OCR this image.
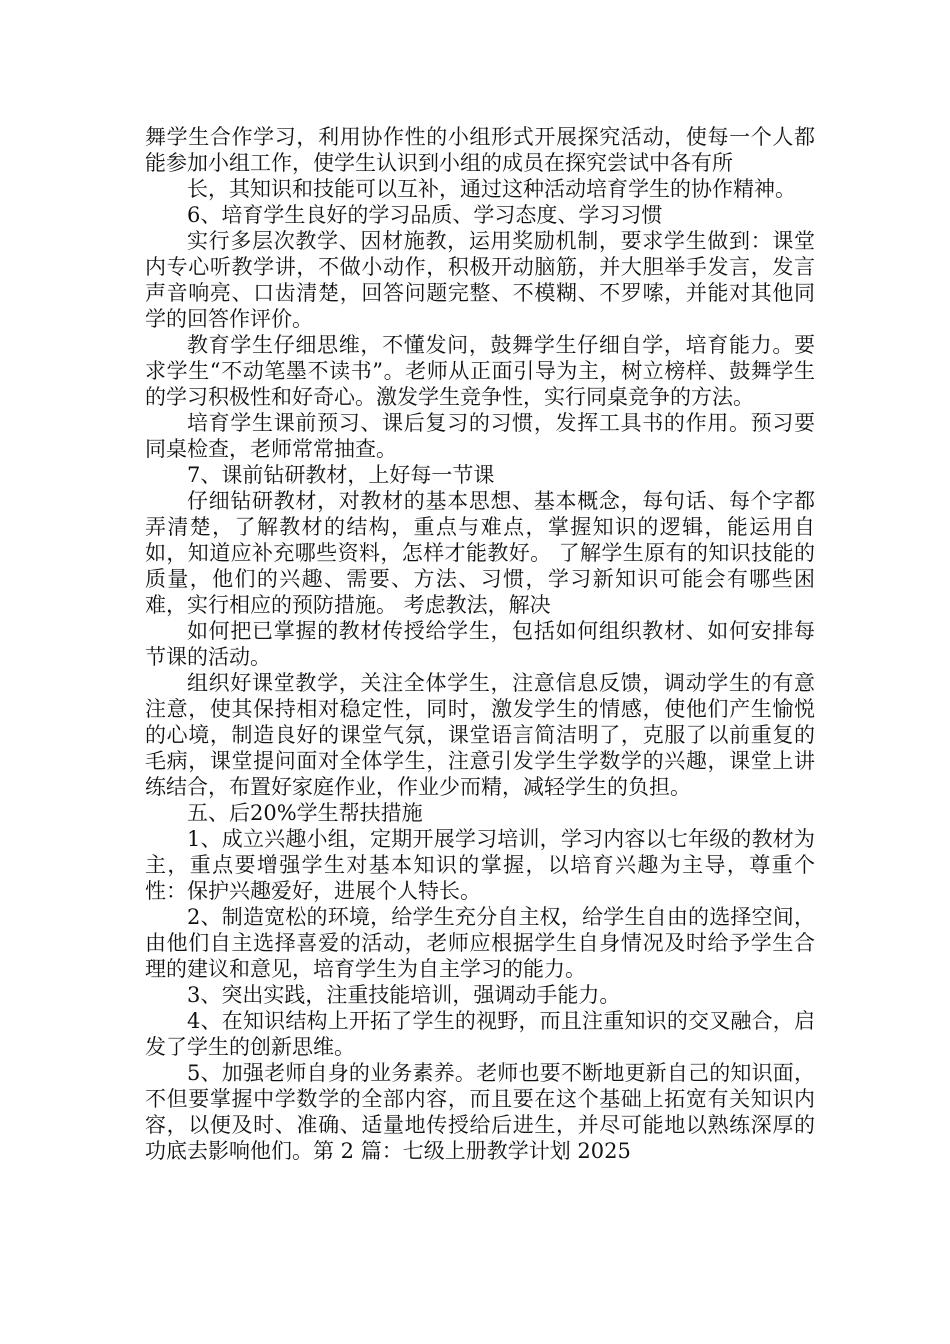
舞学生合作学习，利用协作性的小组形式开展探究活动，使每一个人都能参加小组工作，使学生认识到小组的成员在探究尝试中各有所

长，其知识和技能可以互补，通过这种活动培育学生的协作精神。

6、培育学生良好的学习品质、学习态度、学习习惯

实行多层次教学、因材施教，运用奖励机制，要求学生做到：课堂内专心听教学讲，不做小动作，积极开动脑筋，并大胆举手发言，发言声音响亮、口齿清楚，回答问题完整、不模糊、不罗嗦，并能对其他同学的回答作评价。

教育学生仔细思维，不懂发问，鼓舞学生仔细自学，培育能力。要求学生“不动笔墨不读书”。老师从正面引导为主，树立榜样、鼓舞学生的学习积极性和好奇心。激发学生竞争性，实行同桌竞争的方法。

培育学生课前预习、课后复习的习惯，发挥工具书的作用。预习要同桌检查，老师常常抽查。

7、课前钻研教材，上好每一节课

仔细钻研教材，对教材的基本思想、基本概念，每句话、每个字都弄清楚，了解教材的结构，重点与难点，掌握知识的逻辑，能运用自如，知道应补充哪些资料，怎样才能教好。 了解学生原有的知识技能的质量，他们的兴趣、需要、方法、习惯，学习新知识可能会有哪些困难，实行相应的预防措施。 考虑教法，解决

如何把已掌握的教材传授给学生，包括如何组织教材、如何安排每节课的活动。

组织好课堂教学，关注全体学生，注意信息反馈，调动学生的有意注意，使其保持相对稳定性，同时，激发学生的情感，使他们产生愉悦的心境，制造良好的课堂气氛，课堂语言简洁明了，克服了以前重复的毛病，课堂提问面对全体学生，注意引发学生学数学的兴趣，课堂上讲练结合，布置好家庭作业，作业少而精，减轻学生的负担。

五、后20%学生帮扶措施

1、成立兴趣小组，定期开展学习培训，学习内容以七年级的教材为主，重点要增强学生对基本知识的掌握，以培育兴趣为主导，尊重个性：保护兴趣爱好，进展个人特长。

2、制造宽松的环境，给学生充分自主权，给学生自由的选择空间，由他们自主选择喜爱的活动，老师应根据学生自身情况及时给予学生合理的建议和意见，培育学生为自主学习的能力。

3、突出实践，注重技能培训，强调动手能力。

4、在知识结构上开拓了学生的视野，而且注重知识的交叉融合，启发了学生的创新思维。

5、加强老师自身的业务素养。老师也要不断地更新自己的知识面，不但要掌握中学数学的全部内容，而且要在这个基础上拓宽有关知识内容，以便及时、准确、适量地传授给后进生，并尽可能地以熟练深厚的功底去影响他们。第 2 篇：七级上册教学计划 2025
